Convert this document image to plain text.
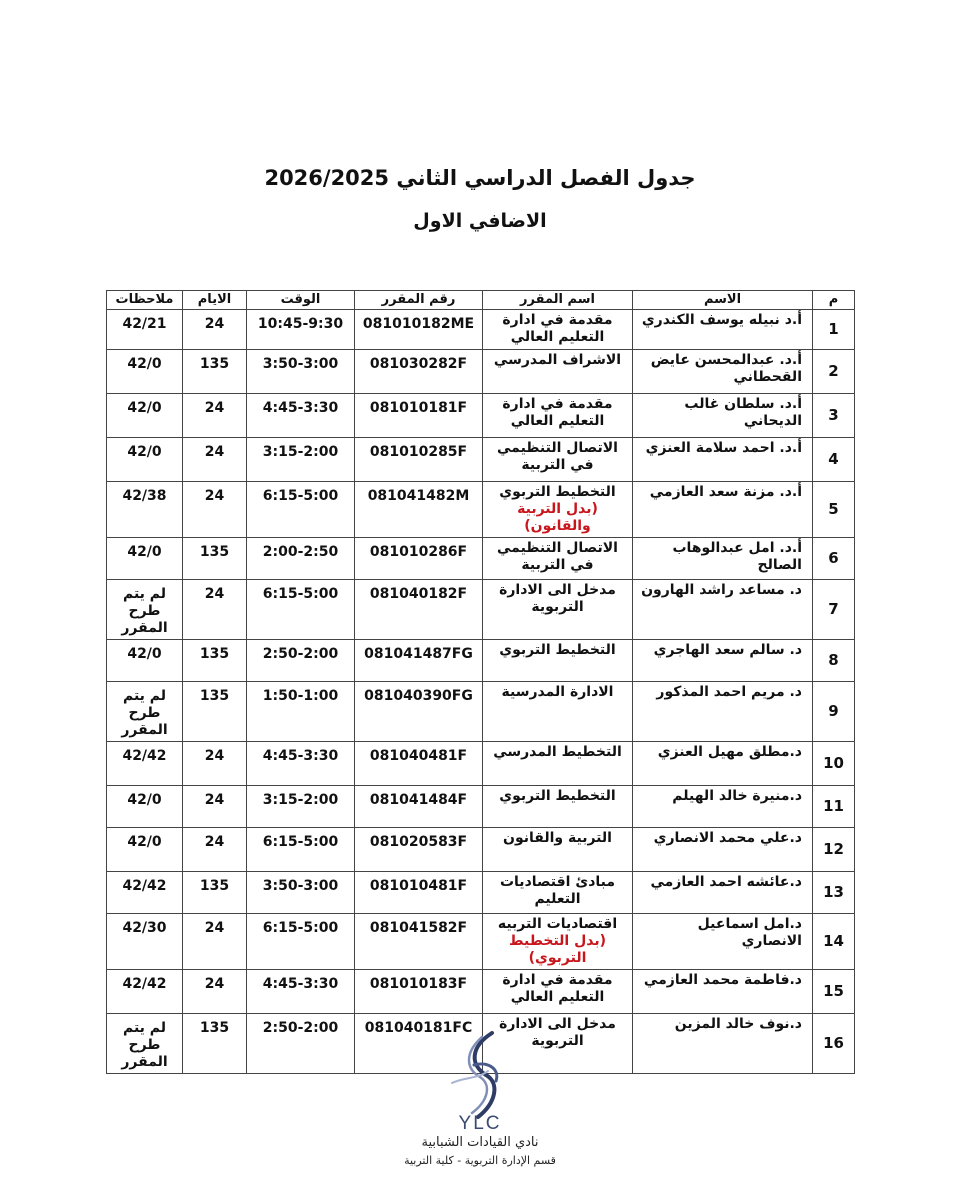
جدول الفصل الدراسي الثاني 2026/2025
الاضافي الاول
م	الاسم	اسم المقرر	رقم المقرر	الوقت	الايام	ملاحظات
1	أ.د نبيله يوسف الكندري	مقدمة في ادارة التعليم العالي	081010182ME	10:45-9:30	24	42/21
2	أ.د. عبدالمحسن عايض القحطاني	الاشراف المدرسي	081030282F	3:50-3:00	135	42/0
3	أ.د. سلطان غالب الديحاني	مقدمة في ادارة التعليم العالي	081010181F	4:45-3:30	24	42/0
4	أ.د. احمد سلامة العنزي	الاتصال التنظيمي في التربية	081010285F	3:15-2:00	24	42/0
5	أ.د. مزنة سعد العازمي	التخطيط التربوي
(بدل التربية والقانون)	081041482M	6:15-5:00	24	42/38
6	أ.د. امل عبدالوهاب الصالح	الاتصال التنظيمي في التربية	081010286F	2:00-2:50	135	42/0
7	د. مساعد راشد الهارون	مدخل الى الادارة التربوية	081040182F	6:15-5:00	24	لم يتم طرح المقرر
8	د. سالم سعد الهاجري	التخطيط التربوي	081041487FG	2:50-2:00	135	42/0
9	د. مريم احمد المذكور	الادارة المدرسية	081040390FG	1:50-1:00	135	لم يتم طرح المقرر
10	د.مطلق مهيل العنزي	التخطيط المدرسي	081040481F	4:45-3:30	24	42/42
11	د.منيرة خالد الهيلم	التخطيط التربوي	081041484F	3:15-2:00	24	42/0
12	د.علي محمد الانصاري	التربية والقانون	081020583F	6:15-5:00	24	42/0
13	د.عائشه احمد العازمي	مبادئ اقتصاديات التعليم	081010481F	3:50-3:00	135	42/42
14	د.امل اسماعيل الانصاري	اقتصاديات التربيه
(بدل التخطيط التربوي)	081041582F	6:15-5:00	24	42/30
15	د.فاطمة محمد العازمي	مقدمة في ادارة التعليم العالي	081010183F	4:45-3:30	24	42/42
16	د.نوف خالد المزين	مدخل الى الادارة التربوية	081040181FC	2:50-2:00	135	لم يتم طرح المقرر
YLC
نادي القيادات الشبابية
قسم الإدارة التربوية - كلية التربية
